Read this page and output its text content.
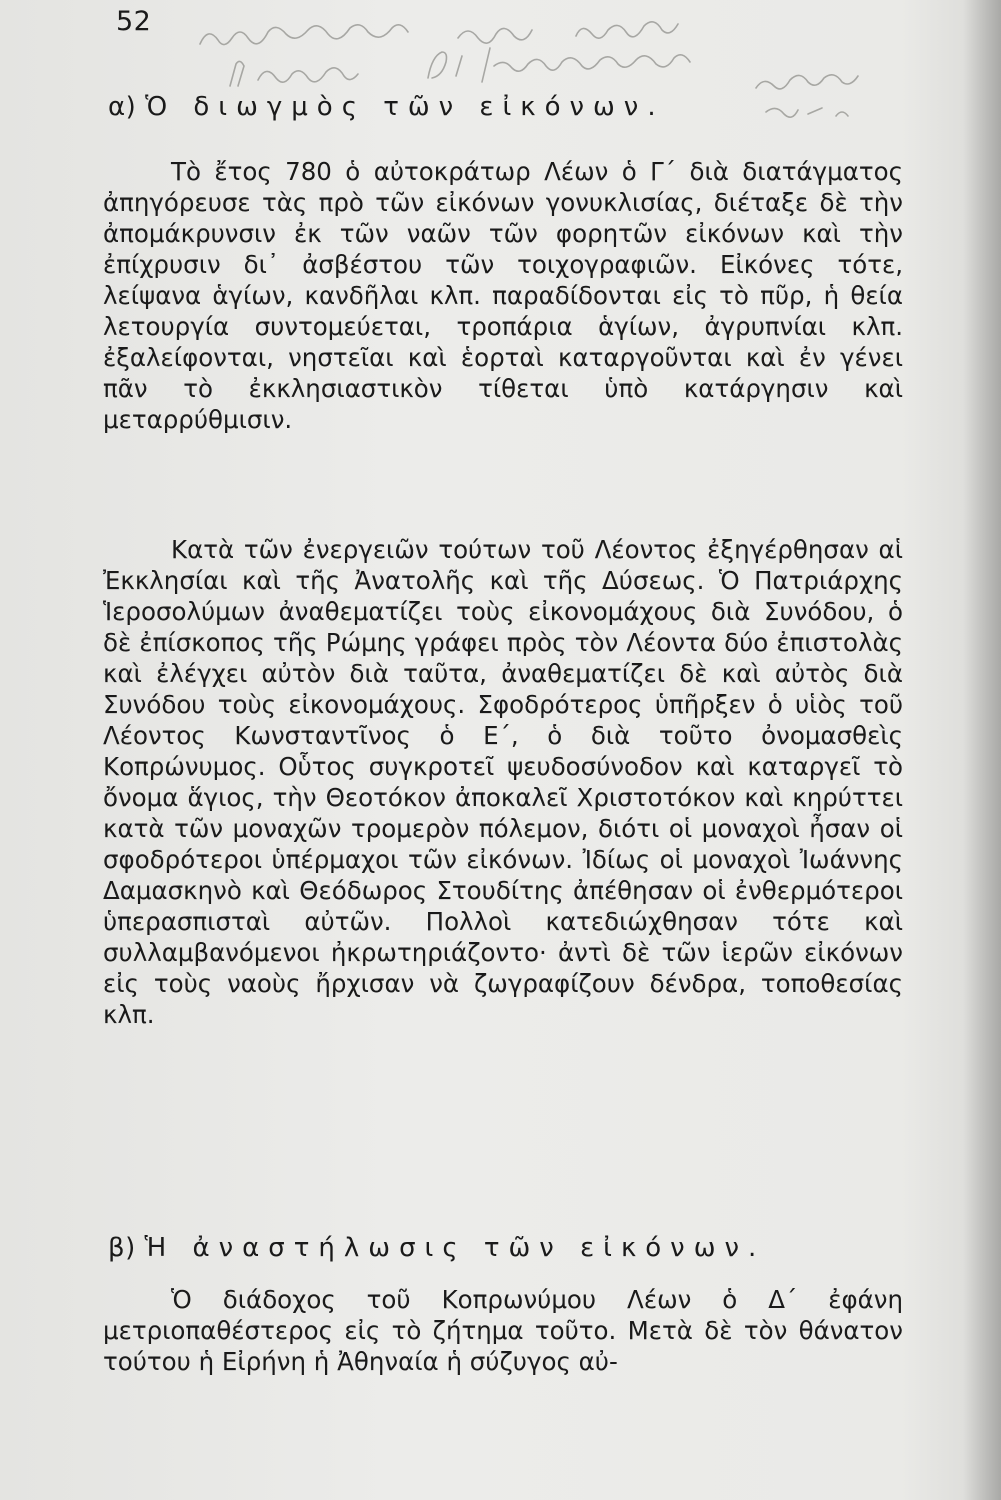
52
α) Ὁ διωγμὸς τῶν εἰκόνων.

Τὸ ἔτος 780 ὁ αὐτοκράτωρ Λέων ὁ Γ΄ διὰ διατάγματος ἀπηγόρευσε τὰς πρὸ τῶν εἰκόνων γονυκλισίας, διέταξε δὲ τὴν ἀπομάκρυνσιν ἐκ τῶν ναῶν τῶν φορητῶν εἰκόνων καὶ τὴν ἐπίχρυσιν δι᾽ ἀσβέστου τῶν τοιχογραφιῶν. Εἰκόνες τότε, λείψανα ἁγίων, κανδῆλαι κλπ. παραδίδονται εἰς τὸ πῦρ, ἡ θεία λετουργία συντομεύεται, τροπάρια ἁγίων, ἀγρυπνίαι κλπ. ἐξαλείφονται, νηστεῖαι καὶ ἑορταὶ καταργοῦνται καὶ ἐν γένει πᾶν τὸ ἐκκλησιαστικὸν τίθεται ὑπὸ κατάργησιν καὶ μεταρρύθμισιν.

Κατὰ τῶν ἐνεργειῶν τούτων τοῦ Λέοντος ἐξηγέρθησαν αἱ Ἐκκλησίαι καὶ τῆς Ἀνατολῆς καὶ τῆς Δύσεως. Ὁ Πατριάρχης Ἱεροσολύμων ἀναθεματίζει τοὺς εἰκονομάχους διὰ Συνόδου, ὁ δὲ ἐπίσκοπος τῆς Ρώμης γράφει πρὸς τὸν Λέοντα δύο ἐπιστολὰς καὶ ἐλέγχει αὐτὸν διὰ ταῦτα, ἀναθεματίζει δὲ καὶ αὐτὸς διὰ Συνόδου τοὺς εἰκονομάχους. Σφοδρότερος ὑπῆρξεν ὁ υἱὸς τοῦ Λέοντος Κωνσταντῖνος ὁ Ε΄, ὁ διὰ τοῦτο ὀνομασθεὶς Κοπρώνυμος. Οὗτος συγκροτεῖ ψευδοσύνοδον καὶ καταργεῖ τὸ ὄνομα ἅγιος, τὴν Θεοτόκον ἀποκαλεῖ Χριστοτόκον καὶ κηρύττει κατὰ τῶν μοναχῶν τρομερὸν πόλεμον, διότι οἱ μοναχοὶ ἦσαν οἱ σφοδρότεροι ὑπέρμαχοι τῶν εἰκόνων. Ἰδίως οἱ μοναχοὶ Ἰωάννης Δαμασκηνὸ καὶ Θεόδωρος Στουδίτης ἀπέθησαν οἱ ἐνθερμότεροι ὑπερασπισταὶ αὐτῶν. Πολλοὶ κατεδιώχθησαν τότε καὶ συλλαμβανόμενοι ἠκρωτηριάζοντο· ἀντὶ δὲ τῶν ἱερῶν εἰκόνων εἰς τοὺς ναοὺς ἤρχισαν νὰ ζωγραφίζουν δένδρα, τοποθεσίας κλπ.

β) Ἡ ἀναστήλωσις τῶν εἰκόνων.

Ὁ διάδοχος τοῦ Κοπρωνύμου Λέων ὁ Δ΄ ἐφάνη μετριοπαθέστερος εἰς τὸ ζήτημα τοῦτο. Μετὰ δὲ τὸν θάνατον τούτου ἡ Εἰρήνη ἡ Ἀθηναία ἡ σύζυγος αὐ-
